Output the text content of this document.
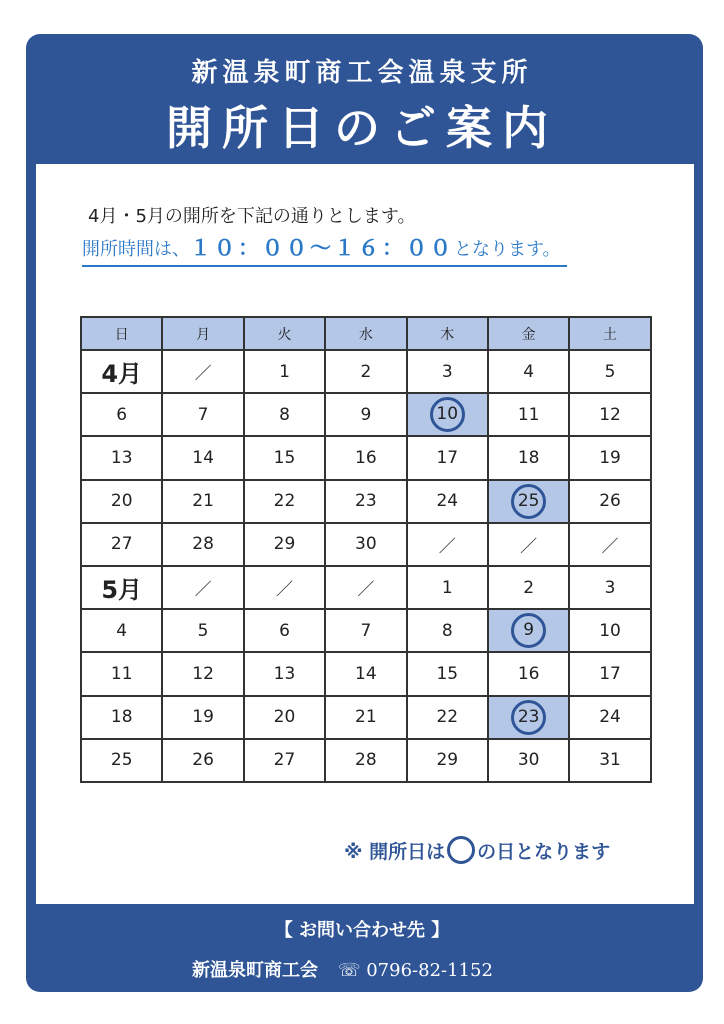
新温泉町商工会温泉支所
開所日のご案内
4月・5月の開所を下記の通りとします。
開所時間は、１０：００～１６：００となります。
日	月	火	水	木	金	土
4月	／	1	2	3	4	5
6	7	8	9	10	11	12
13	14	15	16	17	18	19
20	21	22	23	24	25	26
27	28	29	30	／	／	／
5月	／	／	／	1	2	3
4	5	6	7	8	9	10
11	12	13	14	15	16	17
18	19	20	21	22	23	24
25	26	27	28	29	30	31
※ 開所日は の日となります
【 お問い合わせ先 】
新温泉町商工会 ☏ 0796-82-1152
